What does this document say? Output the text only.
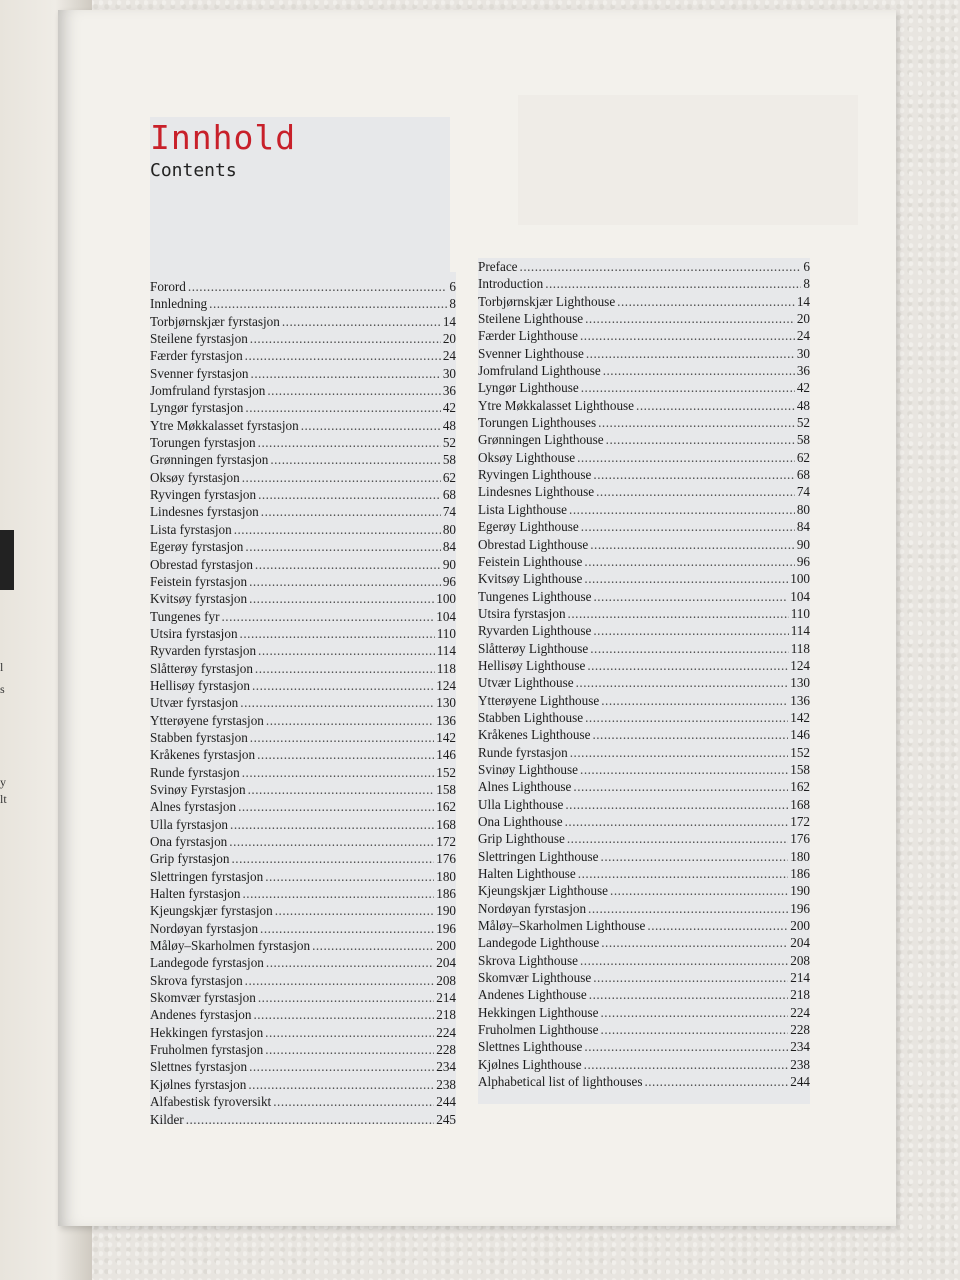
l
s
y
lt
Innhold
Contents
Forord .....	6
Innledning .....	8
Torbjørnskjær fyrstasjon .....	14
Steilene fyrstasjon .....	20
Færder fyrstasjon .....	24
Svenner fyrstasjon .....	30
Jomfruland fyrstasjon .....	36
Lyngør fyrstasjon .....	42
Ytre Møkkalasset fyrstasjon .....	48
Torungen fyrstasjon .....	52
Grønningen fyrstasjon .....	58
Oksøy fyrstasjon .....	62
Ryvingen fyrstasjon .....	68
Lindesnes fyrstasjon .....	74
Lista fyrstasjon .....	80
Egerøy fyrstasjon .....	84
Obrestad fyrstasjon .....	90
Feistein fyrstasjon .....	96
Kvitsøy fyrstasjon .....	100
Tungenes fyr .....	104
Utsira fyrstasjon .....	110
Ryvarden fyrstasjon .....	114
Slåtterøy fyrstasjon .....	118
Hellisøy fyrstasjon .....	124
Utvær fyrstasjon .....	130
Ytterøyene fyrstasjon .....	136
Stabben fyrstasjon .....	142
Kråkenes fyrstasjon .....	146
Runde fyrstasjon .....	152
Svinøy Fyrstasjon .....	158
Alnes fyrstasjon .....	162
Ulla fyrstasjon .....	168
Ona fyrstasjon .....	172
Grip fyrstasjon .....	176
Slettringen fyrstasjon .....	180
Halten fyrstasjon .....	186
Kjeungskjær fyrstasjon .....	190
Nordøyan fyrstasjon .....	196
Måløy–Skarholmen fyrstasjon .....	200
Landegode fyrstasjon .....	204
Skrova fyrstasjon .....	208
Skomvær fyrstasjon .....	214
Andenes fyrstasjon .....	218
Hekkingen fyrstasjon .....	224
Fruholmen fyrstasjon .....	228
Slettnes fyrstasjon .....	234
Kjølnes fyrstasjon .....	238
Alfabestisk fyroversikt .....	244
Kilder .....	245
Preface .....	6
Introduction .....	8
Torbjørnskjær Lighthouse .....	14
Steilene Lighthouse .....	20
Færder Lighthouse .....	24
Svenner Lighthouse .....	30
Jomfruland Lighthouse .....	36
Lyngør Lighthouse .....	42
Ytre Møkkalasset Lighthouse .....	48
Torungen Lighthouses .....	52
Grønningen Lighthouse .....	58
Oksøy Lighthouse .....	62
Ryvingen Lighthouse .....	68
Lindesnes Lighthouse .....	74
Lista Lighthouse .....	80
Egerøy Lighthouse .....	84
Obrestad Lighthouse .....	90
Feistein Lighthouse .....	96
Kvitsøy Lighthouse .....	100
Tungenes Lighthouse .....	104
Utsira fyrstasjon .....	110
Ryvarden Lighthouse .....	114
Slåtterøy Lighthouse .....	118
Hellisøy Lighthouse .....	124
Utvær Lighthouse .....	130
Ytterøyene Lighthouse .....	136
Stabben Lighthouse .....	142
Kråkenes Lighthouse .....	146
Runde fyrstasjon .....	152
Svinøy Lighthouse .....	158
Alnes Lighthouse .....	162
Ulla Lighthouse .....	168
Ona Lighthouse .....	172
Grip Lighthouse .....	176
Slettringen Lighthouse .....	180
Halten Lighthouse .....	186
Kjeungskjær Lighthouse .....	190
Nordøyan fyrstasjon .....	196
Måløy–Skarholmen Lighthouse .....	200
Landegode Lighthouse .....	204
Skrova Lighthouse .....	208
Skomvær Lighthouse .....	214
Andenes Lighthouse .....	218
Hekkingen Lighthouse .....	224
Fruholmen Lighthouse .....	228
Slettnes Lighthouse .....	234
Kjølnes Lighthouse .....	238
Alphabetical list of lighthouses .....	244
